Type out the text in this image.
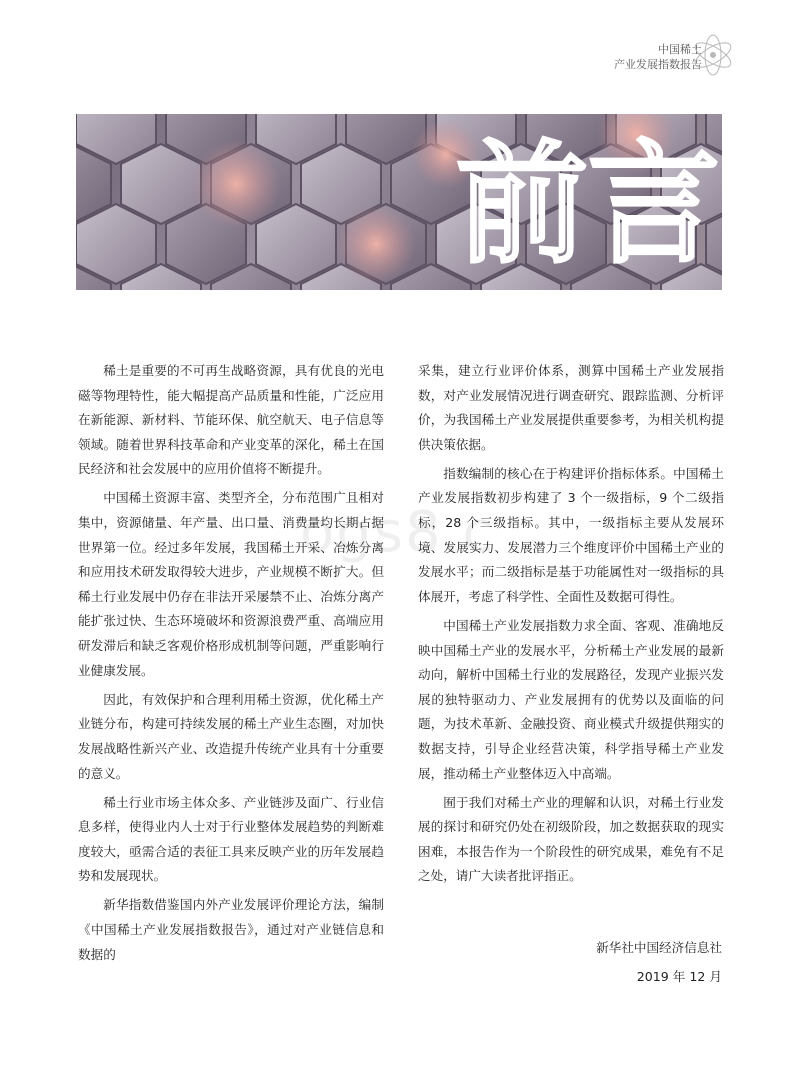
中国稀土
产业发展指数报告
前言
ogs8.c

稀土是重要的不可再生战略资源，具有优良的光电磁等物理特性，能大幅提高产品质量和性能，广泛应用在新能源、新材料、节能环保、航空航天、电子信息等领域。随着世界科技革命和产业变革的深化，稀土在国民经济和社会发展中的应用价值将不断提升。

中国稀土资源丰富、类型齐全，分布范围广且相对集中，资源储量、年产量、出口量、消费量均长期占据世界第一位。经过多年发展，我国稀土开采、冶炼分离和应用技术研发取得较大进步，产业规模不断扩大。但稀土行业发展中仍存在非法开采屡禁不止、冶炼分离产能扩张过快、生态环境破坏和资源浪费严重、高端应用研发滞后和缺乏客观价格形成机制等问题，严重影响行业健康发展。

因此，有效保护和合理利用稀土资源，优化稀土产业链分布，构建可持续发展的稀土产业生态圈，对加快发展战略性新兴产业、改造提升传统产业具有十分重要的意义。

稀土行业市场主体众多、产业链涉及面广、行业信息多样，使得业内人士对于行业整体发展趋势的判断难度较大，亟需合适的表征工具来反映产业的历年发展趋势和发展现状。

新华指数借鉴国内外产业发展评价理论方法，编制《中国稀土产业发展指数报告》，通过对产业链信息和数据的

采集，建立行业评价体系，测算中国稀土产业发展指数，对产业发展情况进行调查研究、跟踪监测、分析评价，为我国稀土产业发展提供重要参考，为相关机构提供决策依据。

指数编制的核心在于构建评价指标体系。中国稀土产业发展指数初步构建了 3 个一级指标，9 个二级指标，28 个三级指标。其中，一级指标主要从发展环境、发展实力、发展潜力三个维度评价中国稀土产业的发展水平；而二级指标是基于功能属性对一级指标的具体展开，考虑了科学性、全面性及数据可得性。

中国稀土产业发展指数力求全面、客观、准确地反映中国稀土产业的发展水平，分析稀土产业发展的最新动向，解析中国稀土行业的发展路径，发现产业振兴发展的独特驱动力、产业发展拥有的优势以及面临的问题，为技术革新、金融投资、商业模式升级提供翔实的数据支持，引导企业经营决策，科学指导稀土产业发展，推动稀土产业整体迈入中高端。

囿于我们对稀土产业的理解和认识，对稀土行业发展的探讨和研究仍处在初级阶段，加之数据获取的现实困难，本报告作为一个阶段性的研究成果，难免有不足之处，请广大读者批评指正。

新华社中国经济信息社
2019 年 12 月
